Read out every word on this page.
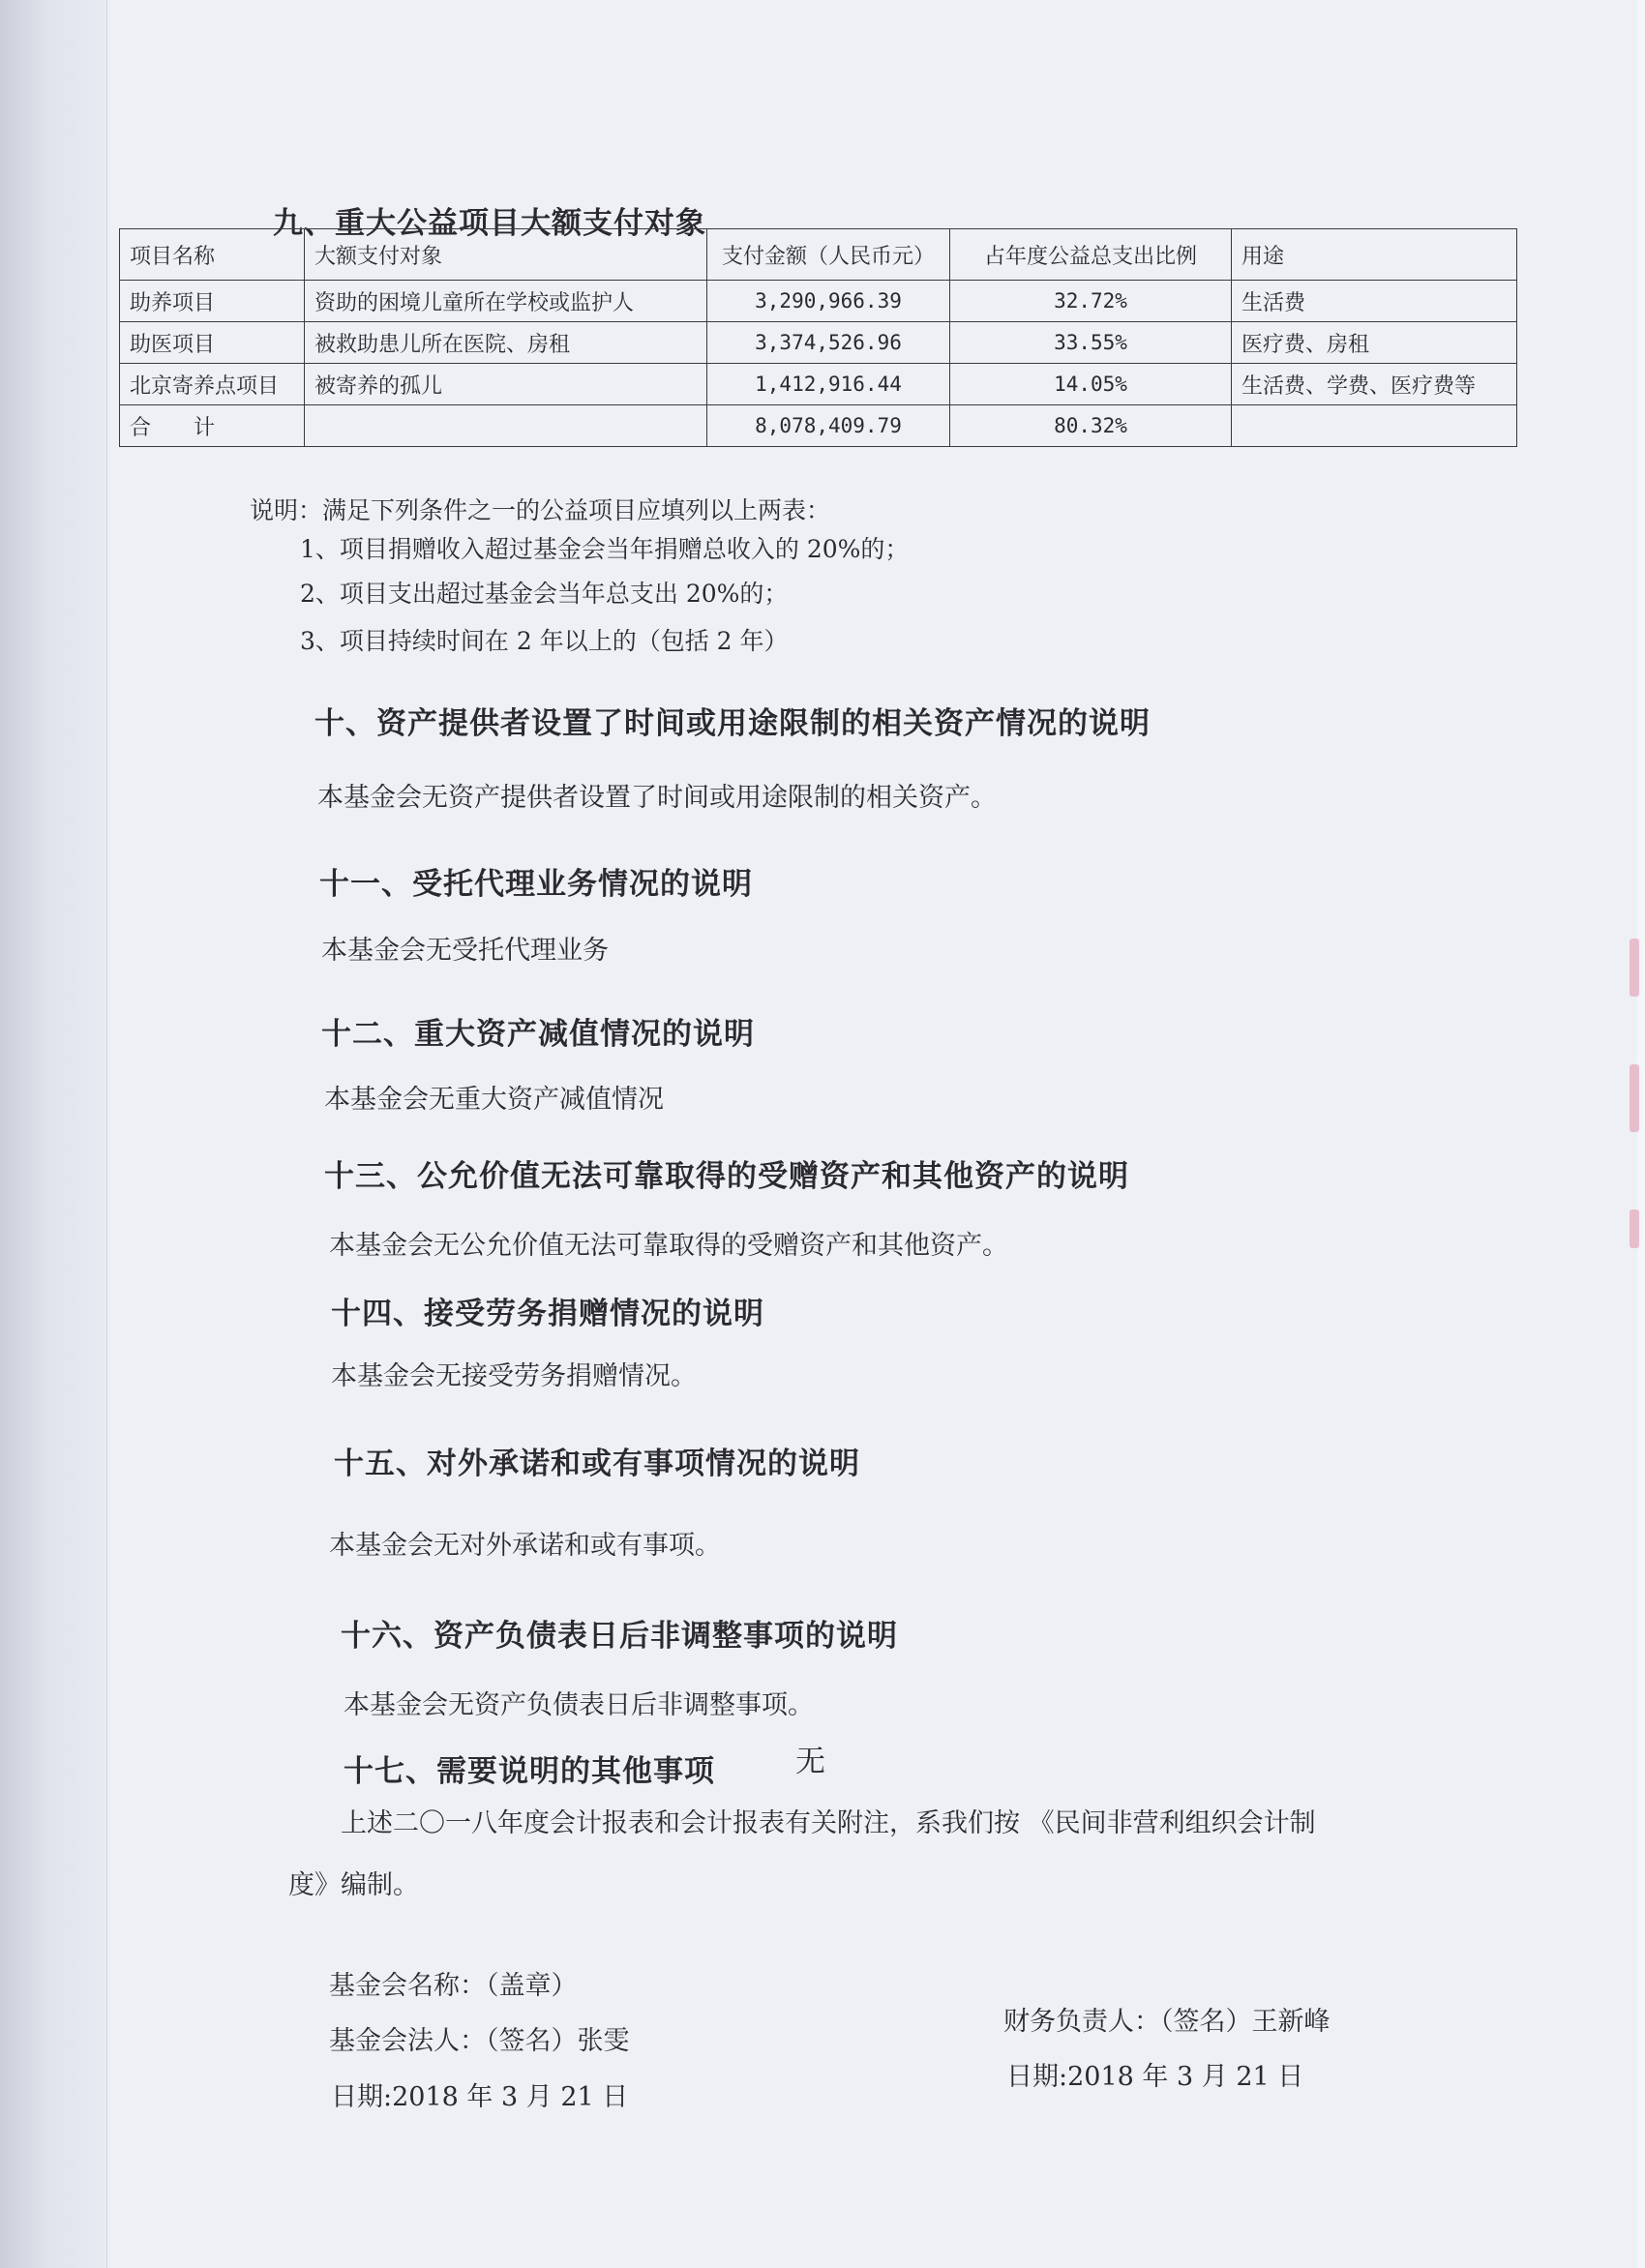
九、重大公益项目大额支付对象
项目名称	大额支付对象	支付金额（人民币元）	占年度公益总支出比例	用途
助养项目	资助的困境儿童所在学校或监护人	3,290,966.39	32.72%	生活费
助医项目	被救助患儿所在医院、房租	3,374,526.96	33.55%	医疗费、房租
北京寄养点项目	被寄养的孤儿	1,412,916.44	14.05%	生活费、学费、医疗费等
合　　计		8,078,409.79	80.32%	
说明：满足下列条件之一的公益项目应填列以上两表：
1、项目捐赠收入超过基金会当年捐赠总收入的 20%的；
2、项目支出超过基金会当年总支出 20%的；
3、项目持续时间在 2 年以上的（包括 2 年）
十、资产提供者设置了时间或用途限制的相关资产情况的说明
本基金会无资产提供者设置了时间或用途限制的相关资产。
十一、受托代理业务情况的说明
本基金会无受托代理业务
十二、重大资产减值情况的说明
本基金会无重大资产减值情况
十三、公允价值无法可靠取得的受赠资产和其他资产的说明
本基金会无公允价值无法可靠取得的受赠资产和其他资产。
十四、接受劳务捐赠情况的说明
本基金会无接受劳务捐赠情况。
十五、对外承诺和或有事项情况的说明
本基金会无对外承诺和或有事项。
十六、资产负债表日后非调整事项的说明
本基金会无资产负债表日后非调整事项。
十七、需要说明的其他事项	无
上述二〇一八年度会计报表和会计报表有关附注，系我们按 《民间非营利组织会计制
度》编制。
基金会名称：（盖章）
基金会法人：（签名）张雯
日期:2018 年 3 月 21 日
财务负责人：（签名）王新峰
日期:2018 年 3 月 21 日
